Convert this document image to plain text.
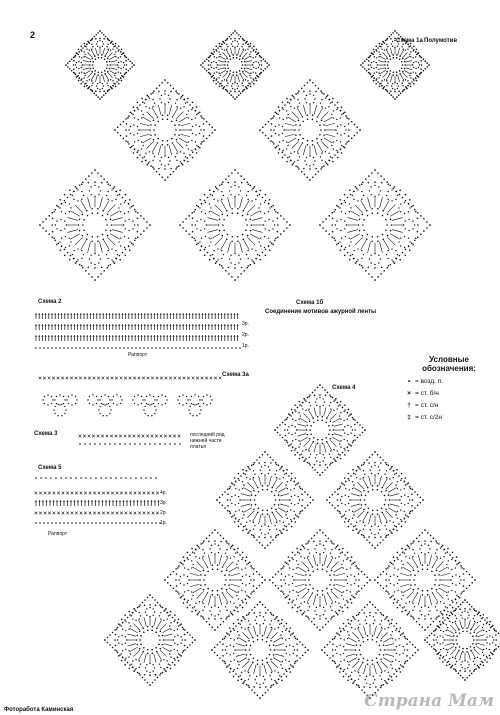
2
Схема 1а Полумотив
Схема 1б
Соединение мотивов ажурной ленты
Схема 2
Раппорт
3р.
2р.
1р.
Схема 3а
Схема 3	последний ряд нижней части платья
Схема 4
Схема 5
Раппорт
4р.
3р.
2р.
1р.
Условные обозначения:
• = возд. п.
× = ст. б/н
† = ст. с/н
‡ = ст. с/2н
Фоторабота Каминская	Страна Мам
